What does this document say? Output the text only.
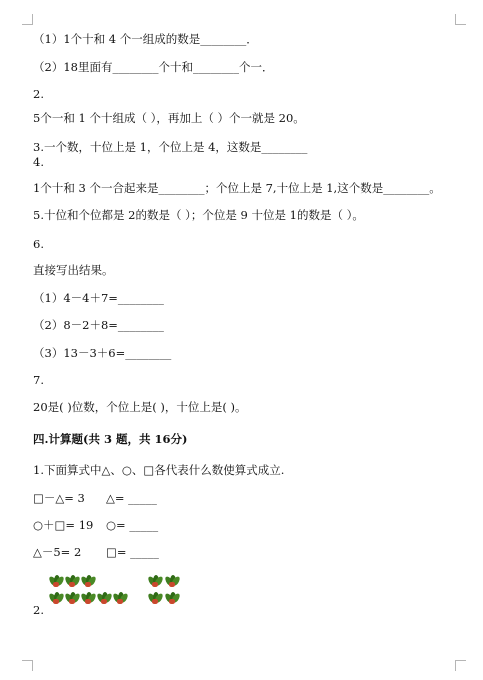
（1）1个十和 4 个一组成的数是________．
（2）18里面有________个十和________个一．
2.
5个一和 1 个十组成（ ），再加上（ ）个一就是 20。
3.一个数，十位上是 1，个位上是 4，这数是________
4.
1个十和 3 个一合起来是________；个位上是 7,十位上是 1,这个数是________。
5.十位和个位都是 2的数是（ ）；个位是 9 十位是 1的数是（ ）。
6.
直接写出结果。
（1）4－4＋7=________
（2）8－2＋8=________
（3）13－3＋6=________
7.
20是( )位数，个位上是( )，十位上是( )。
四.计算题(共 3 题，共 16分)
1.下面算式中△、○、□各代表什么数使算式成立.
□－△= 3 △= _____
○＋□= 19 ○= _____
△－5= 2 □= _____
2.
